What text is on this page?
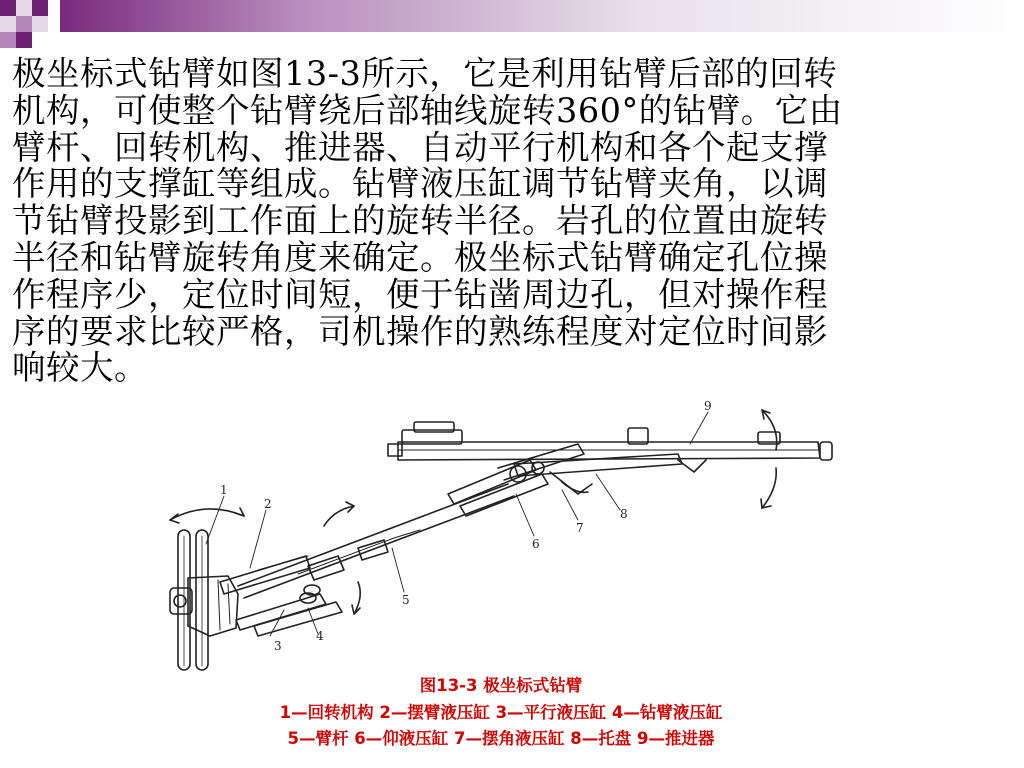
极坐标式钻臂如图13-3所示，它是利用钻臂后部的回转
机构，可使整个钻臂绕后部轴线旋转360°的钻臂。它由
臂杆、回转机构、推进器、自动平行机构和各个起支撑
作用的支撑缸等组成。钻臂液压缸调节钻臂夹角，以调
节钻臂投影到工作面上的旋转半径。岩孔的位置由旋转
半径和钻臂旋转角度来确定。极坐标式钻臂确定孔位操
作程序少，定位时间短，便于钻凿周边孔，但对操作程
序的要求比较严格，司机操作的熟练程度对定位时间影
响较大。
1
2
3
4
5
6
7
8
9
图13-3 极坐标式钻臂
1—回转机构 2—摆臂液压缸 3—平行液压缸 4—钻臂液压缸
5—臂杆 6—仰液压缸 7—摆角液压缸 8—托盘 9—推进器
